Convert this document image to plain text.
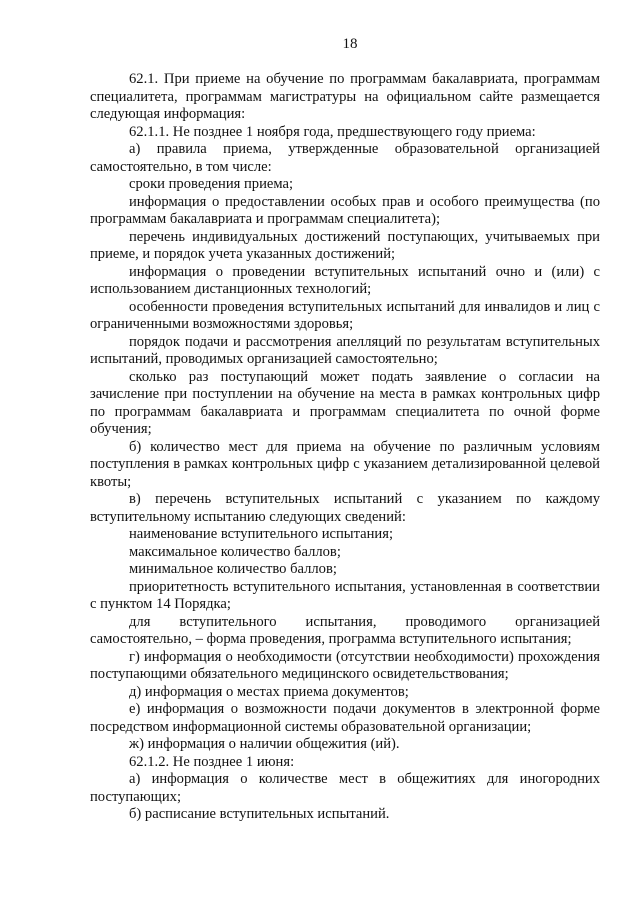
18

62.1. При приеме на обучение по программам бакалавриата, программам специалитета, программам магистратуры на официальном сайте размещается следующая информация:

62.1.1. Не позднее 1 ноября года, предшествующего году приема:

а) правила приема, утвержденные образовательной организацией самостоятельно, в том числе:

сроки проведения приема;

информация о предоставлении особых прав и особого преимущества (по программам бакалавриата и программам специалитета);

перечень индивидуальных достижений поступающих, учитываемых при приеме, и порядок учета указанных достижений;

информация о проведении вступительных испытаний очно и (или) с использованием дистанционных технологий;

особенности проведения вступительных испытаний для инвалидов и лиц с ограниченными возможностями здоровья;

порядок подачи и рассмотрения апелляций по результатам вступительных испытаний, проводимых организацией самостоятельно;

сколько раз поступающий может подать заявление о согласии на зачисление при поступлении на обучение на места в рамках контрольных цифр по программам бакалавриата и программам специалитета по очной форме обучения;

б) количество мест для приема на обучение по различным условиям поступления в рамках контрольных цифр с указанием детализированной целевой квоты;

в) перечень вступительных испытаний с указанием по каждому вступительному испытанию следующих сведений:

наименование вступительного испытания;

максимальное количество баллов;

минимальное количество баллов;

приоритетность вступительного испытания, установленная в соответствии с пунктом 14 Порядка;

для вступительного испытания, проводимого организацией самостоятельно, – форма проведения, программа вступительного испытания;

г) информация о необходимости (отсутствии необходимости) прохождения поступающими обязательного медицинского освидетельствования;

д) информация о местах приема документов;

е) информация о возможности подачи документов в электронной форме посредством информационной системы образовательной организации;

ж) информация о наличии общежития (ий).

62.1.2. Не позднее 1 июня:

а) информация о количестве мест в общежитиях для иногородних поступающих;

б) расписание вступительных испытаний.
